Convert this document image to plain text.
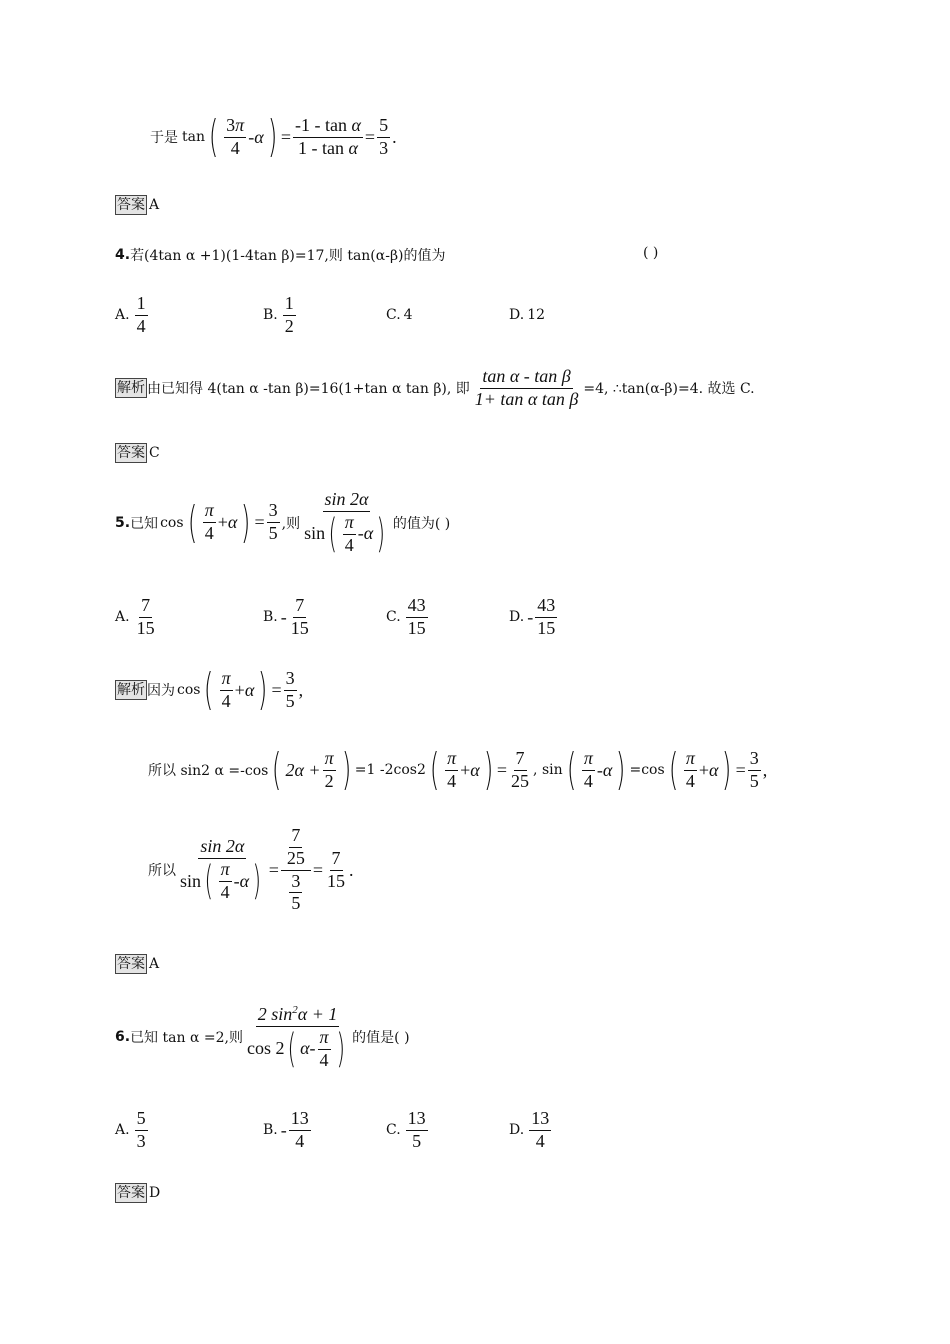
于是 tan ( $\frac{3\pi}{4}$ - α ) = $\frac{\text{-1 - tan α}}{\text{1 - tan α}} = \frac{5}{3}$ .
答案 A
4. 若(4tan α +1)(1-4tan β)=17,则 tan(α-β)的值为	( )
A. $\frac{1}{4}$	B. $\frac{1}{2}$	C. 4	D. 12
解析 由已知得 4(tan α -tan β)=16(1+tan α tan β), 即 $\frac{\text{tan α - tan β}}{\text{1+ tan α tan β}} =4$, ∴tan(α-β)=4. 故选 C.
答案 C
5. 已知 cos ( $\frac{\pi}{4} + \alpha$ ) = $\frac{3}{5}$ ,则 $\frac{\sin 2\alpha}{\sin ( \frac{\pi}{4} - \alpha )}$ 的值为( )
A. $\frac{7}{15}$	B. - $\frac{7}{15}$	C. $\frac{43}{15}$	D. - $\frac{43}{15}$
解析 因为 cos ( $\frac{\pi}{4} + \alpha$ ) = $\frac{3}{5}$ ,
所以 sin2 α =-cos ( $2\alpha + \frac{\pi}{2}$ ) =1 -2cos 2 ( $\frac{\pi}{4} + \alpha$ ) = $\frac{7}{25}$ , sin ( $\frac{\pi}{4}$ - α ) =cos ( $\frac{\pi}{4} + \alpha$ ) = $\frac{3}{5}$ ,
所以 $\frac{\sin 2\alpha}{\sin ( \frac{\pi}{4} - \alpha )} = \frac{\frac{7}{25}}{\frac{3}{5}} = \frac{7}{15}$ .
答案 A
6. 已知 tan α =2,则 $\frac{2 \sin^2\alpha + 1}{\cos 2 ( \alpha - \frac{\pi}{4} )}$ 的值是( )
A. $\frac{5}{3}$	B. - $\frac{13}{4}$	C. $\frac{13}{5}$	D. $\frac{13}{4}$
答案 D
